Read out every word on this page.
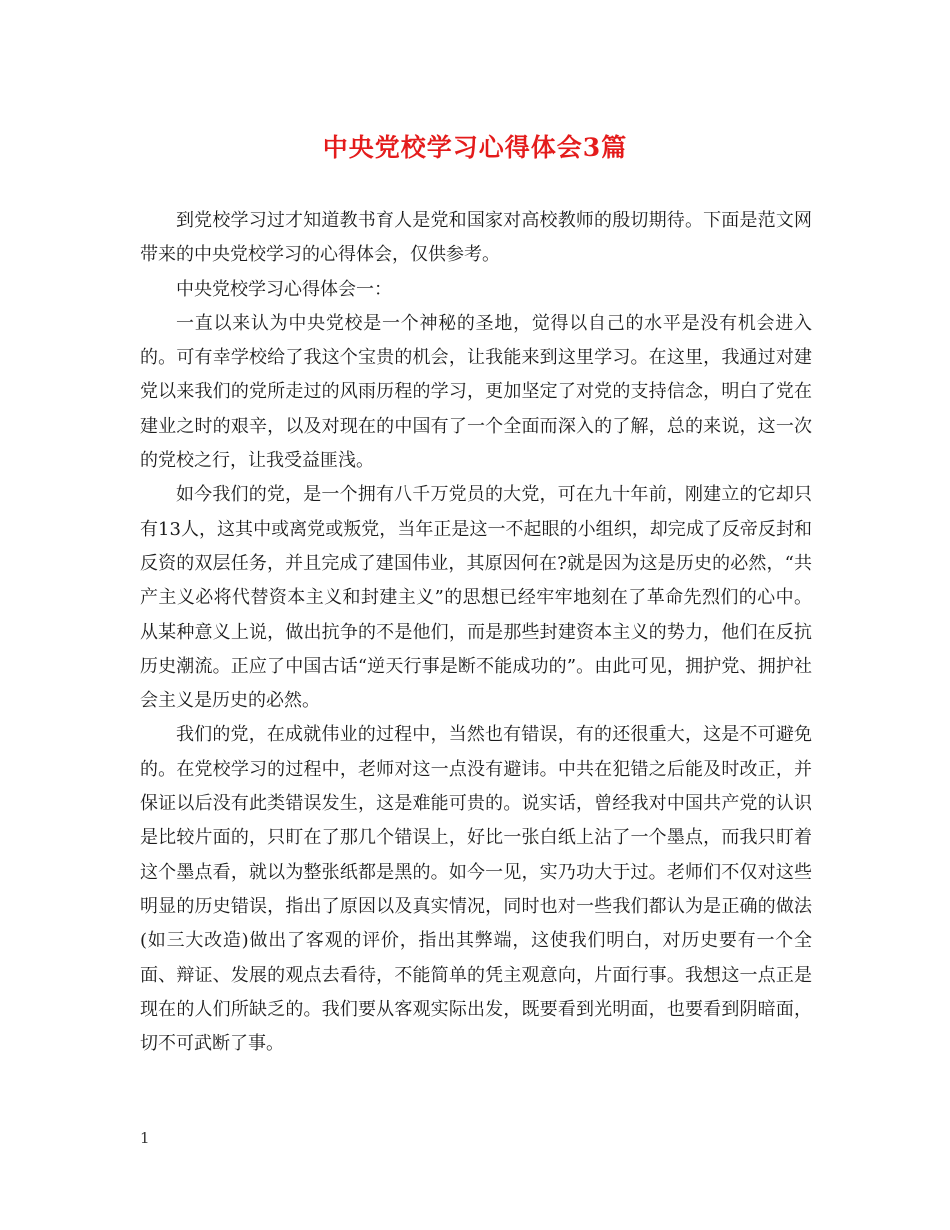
中央党校学习心得体会3篇

到党校学习过才知道教书育人是党和国家对高校教师的殷切期待。下面是范文网带来的中央党校学习的心得体会，仅供参考。

中央党校学习心得体会一：

一直以来认为中央党校是一个神秘的圣地，觉得以自己的水平是没有机会进入的。可有幸学校给了我这个宝贵的机会，让我能来到这里学习。在这里，我通过对建党以来我们的党所走过的风雨历程的学习，更加坚定了对党的支持信念，明白了党在建业之时的艰辛，以及对现在的中国有了一个全面而深入的了解，总的来说，这一次的党校之行，让我受益匪浅。

如今我们的党，是一个拥有八千万党员的大党，可在九十年前，刚建立的它却只有13人，这其中或离党或叛党，当年正是这一不起眼的小组织，却完成了反帝反封和反资的双层任务，并且完成了建国伟业，其原因何在?就是因为这是历史的必然，“共产主义必将代替资本主义和封建主义”的思想已经牢牢地刻在了革命先烈们的心中。从某种意义上说，做出抗争的不是他们，而是那些封建资本主义的势力，他们在反抗历史潮流。正应了中国古话“逆天行事是断不能成功的”。由此可见，拥护党、拥护社会主义是历史的必然。

我们的党，在成就伟业的过程中，当然也有错误，有的还很重大，这是不可避免的。在党校学习的过程中，老师对这一点没有避讳。中共在犯错之后能及时改正，并保证以后没有此类错误发生，这是难能可贵的。说实话，曾经我对中国共产党的认识是比较片面的，只盯在了那几个错误上，好比一张白纸上沾了一个墨点，而我只盯着这个墨点看，就以为整张纸都是黑的。如今一见，实乃功大于过。老师们不仅对这些明显的历史错误，指出了原因以及真实情况，同时也对一些我们都认为是正确的做法(如三大改造)做出了客观的评价，指出其弊端，这使我们明白，对历史要有一个全面、辩证、发展的观点去看待，不能简单的凭主观意向，片面行事。我想这一点正是现在的人们所缺乏的。我们要从客观实际出发，既要看到光明面，也要看到阴暗面，切不可武断了事。

1
